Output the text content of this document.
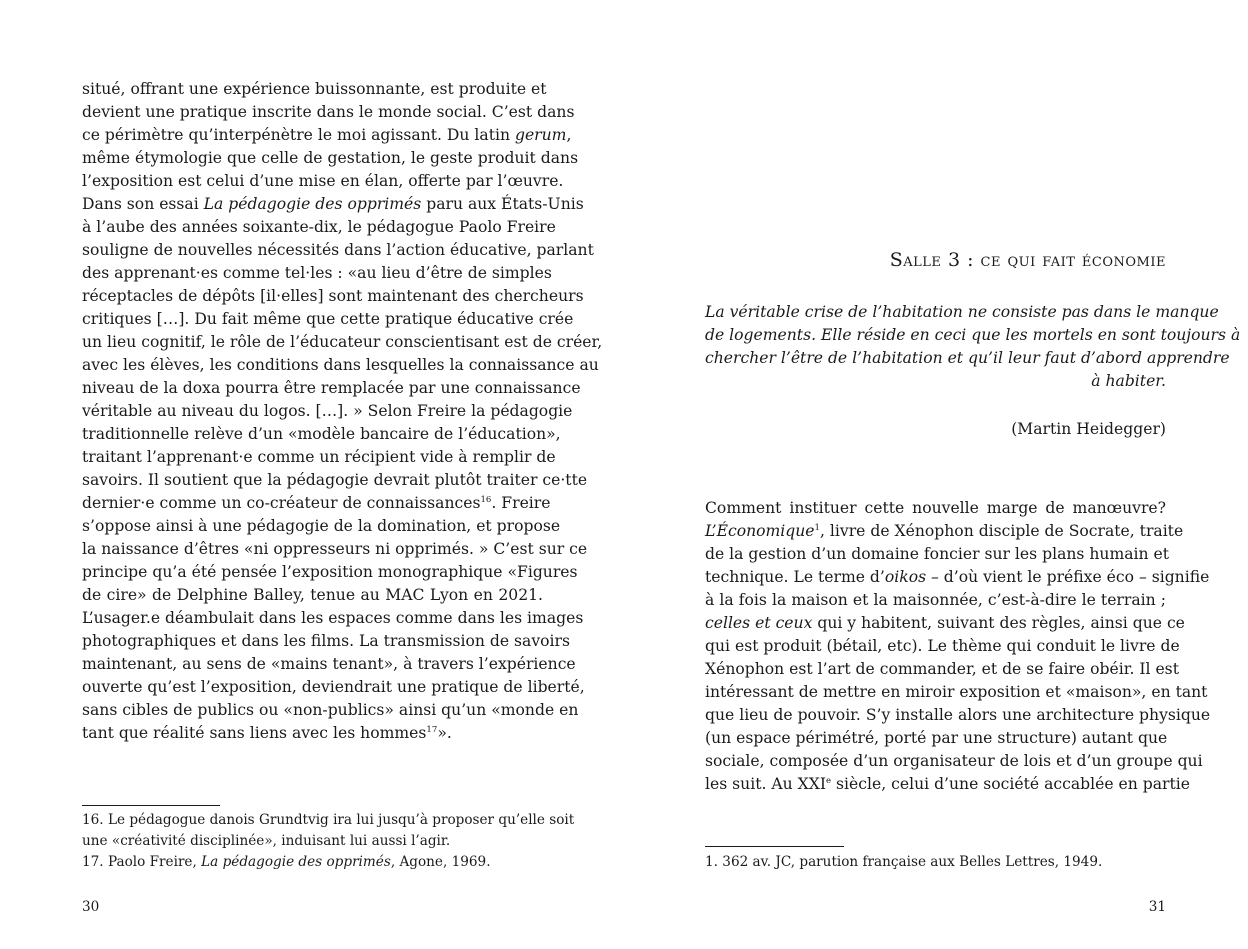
situé, offrant une expérience buissonnante, est produite et
devient une pratique inscrite dans le monde social. C’est dans
ce périmètre qu’interpénètre le moi agissant. Du latin gerum,
même étymologie que celle de gestation, le geste produit dans
l’exposition est celui d’une mise en élan, offerte par l’œuvre.
Dans son essai La pédagogie des opprimés paru aux États-Unis
à l’aube des années soixante-dix, le pédagogue Paolo Freire
souligne de nouvelles nécessités dans l’action éducative, parlant
des apprenant·es comme tel·les : «au lieu d’être de simples
réceptacles de dépôts [il·elles] sont maintenant des chercheurs
critiques […]. Du fait même que cette pratique éducative crée
un lieu cognitif, le rôle de l’éducateur conscientisant est de créer,
avec les élèves, les conditions dans lesquelles la connaissance au
niveau de la doxa pourra être remplacée par une connaissance
véritable au niveau du logos. […]. » Selon Freire la pédagogie
traditionnelle relève d’un «modèle bancaire de l’éducation»,
traitant l’apprenant·e comme un récipient vide à remplir de
savoirs. Il soutient que la pédagogie devrait plutôt traiter ce·tte
dernier·e comme un co-créateur de connaissances$^{16}$. Freire
s’oppose ainsi à une pédagogie de la domination, et propose
la naissance d’êtres «ni oppresseurs ni opprimés. » C’est sur ce
principe qu’a été pensée l’exposition monographique «Figures
de cire» de Delphine Balley, tenue au MAC Lyon en 2021.
L’usager.e déambulait dans les espaces comme dans les images
photographiques et dans les films. La transmission de savoirs
maintenant, au sens de «mains tenant», à travers l’expérience
ouverte qu’est l’exposition, deviendrait une pratique de liberté,
sans cibles de publics ou «non-publics» ainsi qu’un «monde en
tant que réalité sans liens avec les hommes$^{17}$».
16. Le pédagogue danois Grundtvig ira lui jusqu’à proposer qu’elle soit
une «créativité disciplinée», induisant lui aussi l’agir.
17. Paolo Freire, La pédagogie des opprimés, Agone, 1969.
30
Salle 3 : ce qui fait économie
La véritable crise de l’habitation ne consiste pas dans le manque
de logements. Elle réside en ceci que les mortels en sont toujours à
chercher l’être de l’habitation et qu’il leur faut d’abord apprendre
à habiter.
(Martin Heidegger)
Comment instituer cette nouvelle marge de manœuvre?
L’Économique$^1$, livre de Xénophon disciple de Socrate, traite
de la gestion d’un domaine foncier sur les plans humain et
technique. Le terme d’oikos – d’où vient le préfixe éco – signifie
à la fois la maison et la maisonnée, c’est-à-dire le terrain ;
celles et ceux qui y habitent, suivant des règles, ainsi que ce
qui est produit (bétail, etc). Le thème qui conduit le livre de
Xénophon est l’art de commander, et de se faire obéir. Il est
intéressant de mettre en miroir exposition et «maison», en tant
que lieu de pouvoir. S’y installe alors une architecture physique
(un espace périmétré, porté par une structure) autant que
sociale, composée d’un organisateur de lois et d’un groupe qui
les suit. Au XXIe siècle, celui d’une société accablée en partie
1. 362 av. JC, parution française aux Belles Lettres, 1949.
31
